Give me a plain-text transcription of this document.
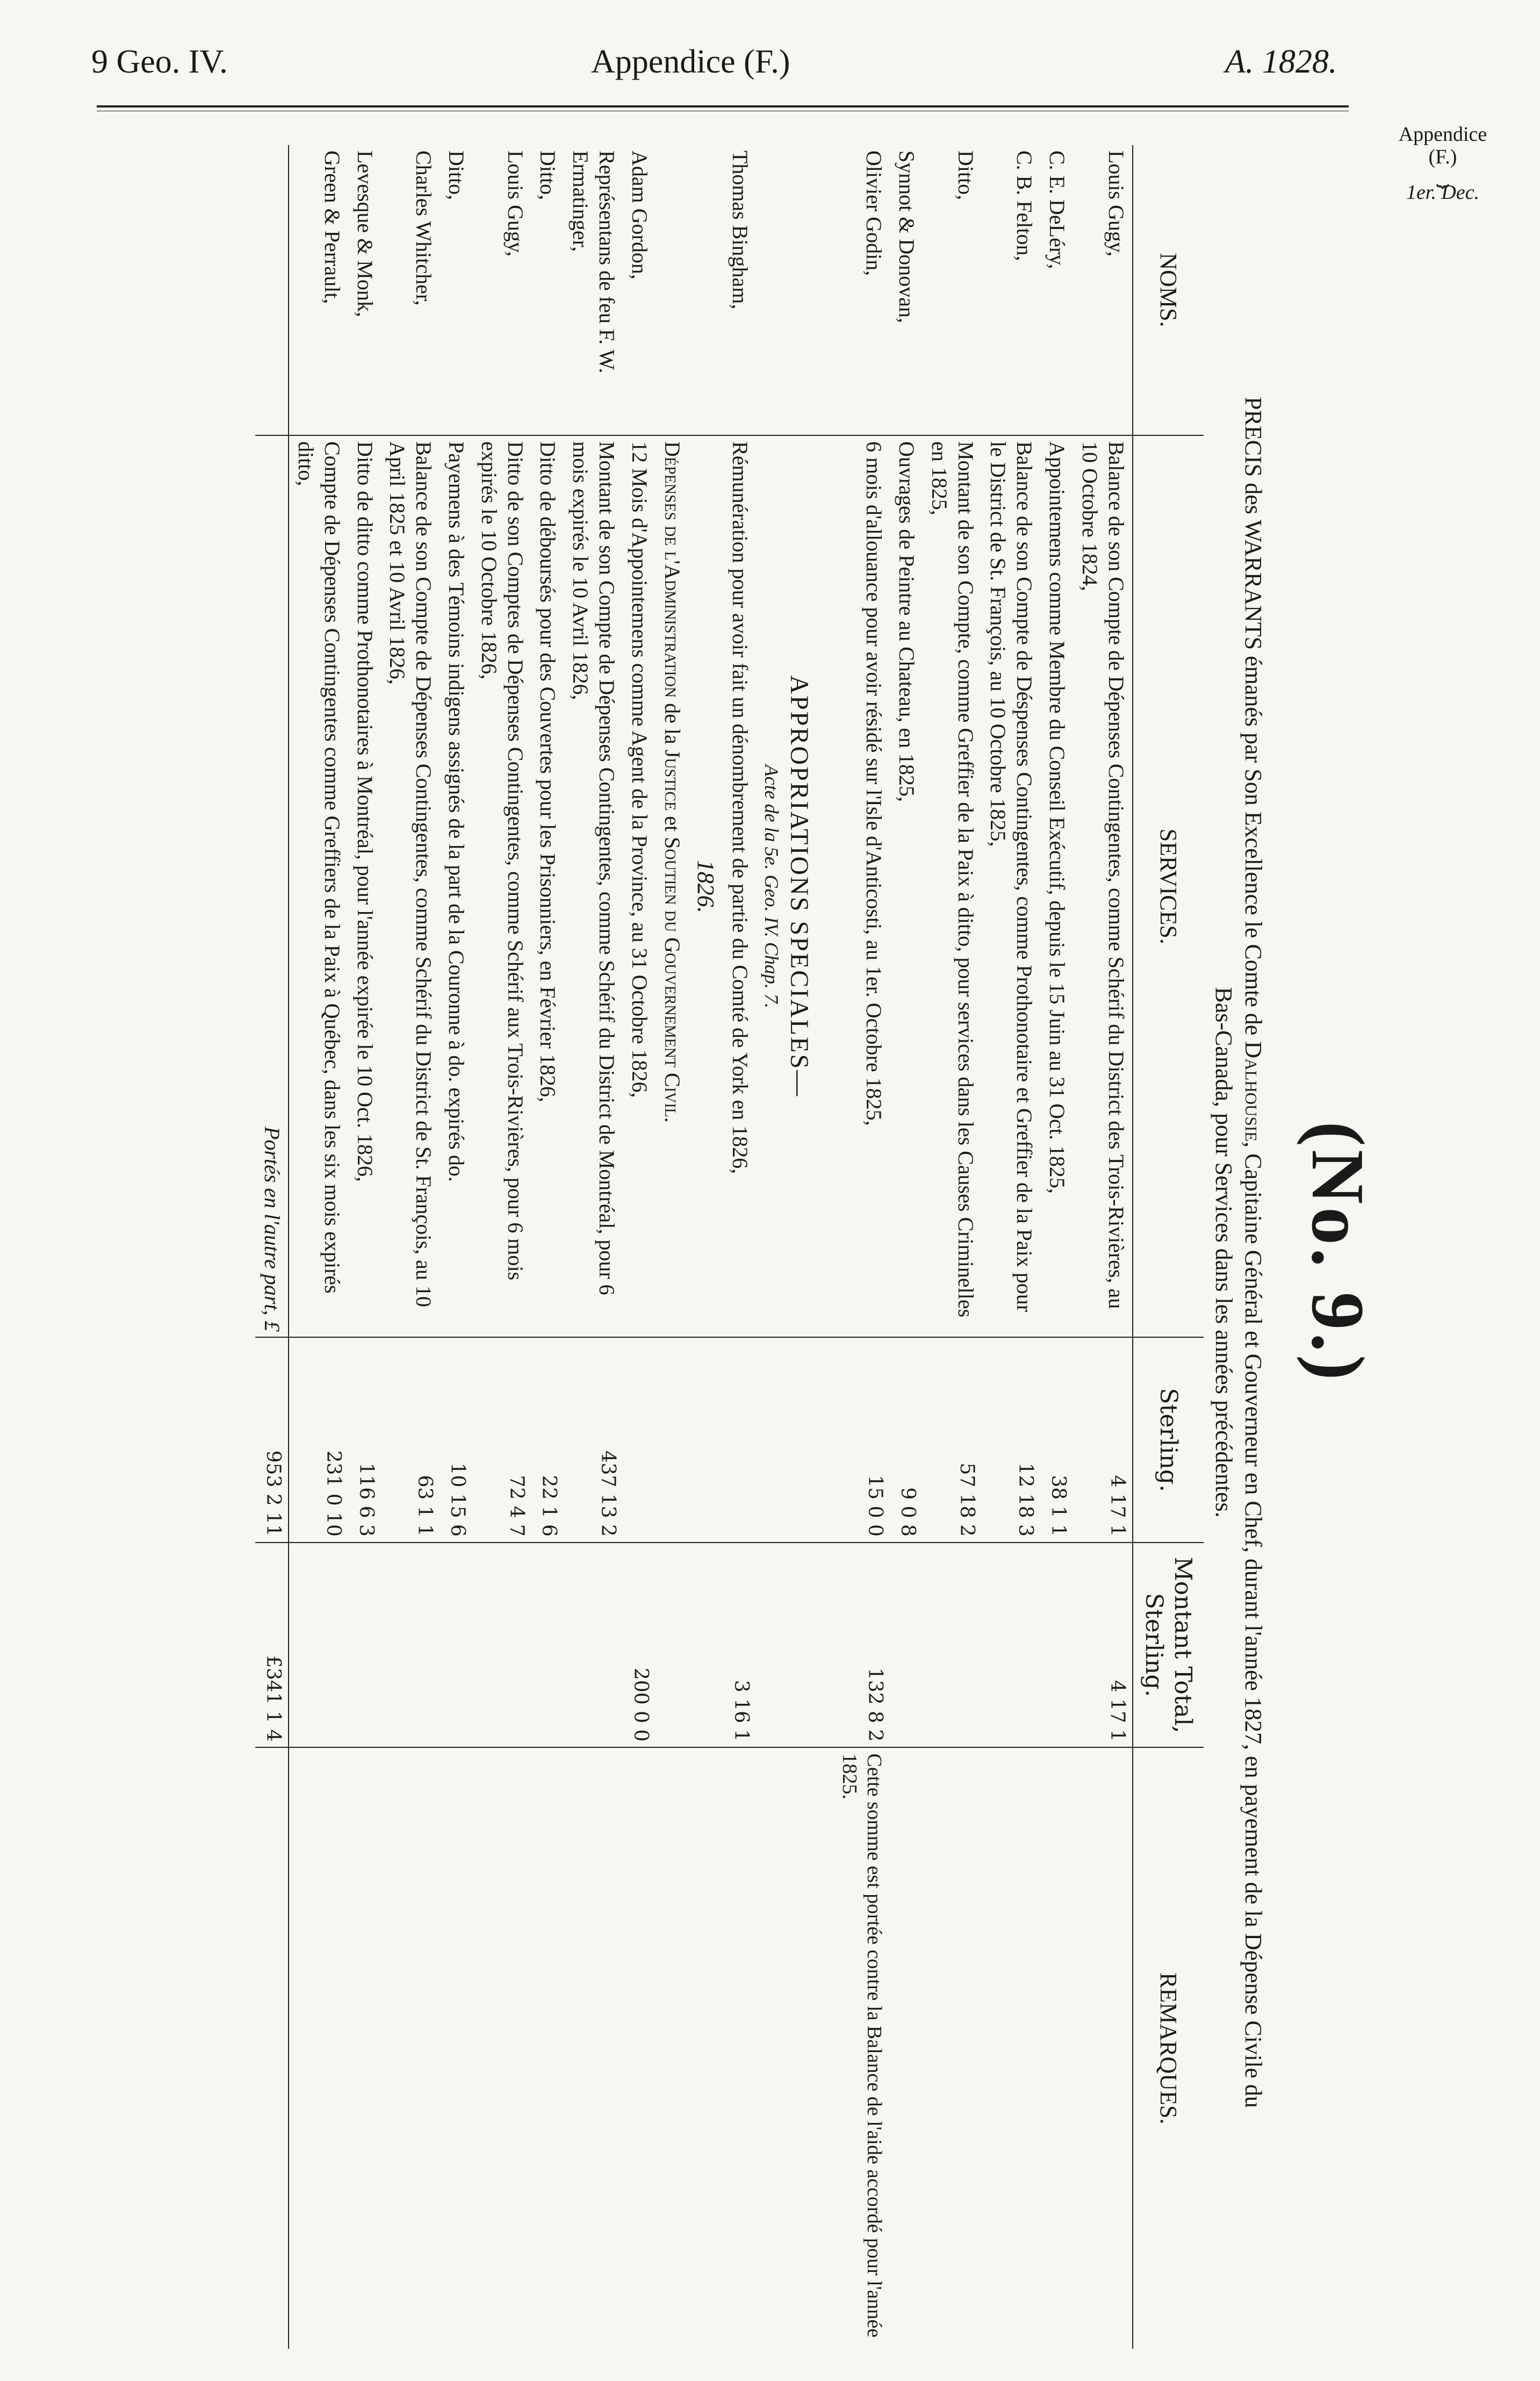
9 Geo. IV.	Appendice (F.)	A. 1828.
Appendice
(F.)
⏟
1er. Dec.
(No. 9.)
PRECIS des WARRANTS émanés par Son Excellence le Comte de Dalhousie, Capitaine Général et Gouverneur en Chef, durant l'année 1827, en payement de la Dépense Civile du
Bas-Canada, pour Services dans les années précédentes.
NOMS.	SERVICES.	Sterling.	Montant Total, Sterling.	REMARQUES.
Louis Gugy,	Balance de son Compte de Dépenses Contingentes, comme Schérif du District des Trois-Rivières, au 10 Octobre 1824,	4 17 1	4 17 1	
C. E. DeLéry,	Appointemens comme Membre du Conseil Exécutif, depuis le 15 Juin au 31 Oct. 1825,	38 1 1		
C. B. Felton,	Balance de son Compte de Déspenses Contingentes, comme Prothonotaire et Greffier de la Paix pour le District de St. François, au 10 Octobre 1825,	12 18 3		
Ditto,	Montant de son Compte, comme Greffier de la Paix à ditto, pour services dans les Causes Criminelles en 1825,	57 18 2		
Synnot & Donovan,	Ouvrages de Peintre au Chateau, en 1825,	9 0 8		
Olivier Godin,	6 mois d'allouance pour avoir résidé sur l'Isle d'Anticosti, au 1er. Octobre 1825,	15 0 0	132 8 2	Cette somme est portée contre la Balance de l'aide accordé pour l'année 1825.

	APPROPRIATIONS SPECIALES—
Acte de la 5e. Geo. IV. Chap. 7.			

Thomas Bingham,	Rémunération pour avoir fait un dénombrement de partie du Comté de York en 1826,		3 16 1	
	1826.			
	Dépenses de l'Administration de la Justice et Soutien du Gouvernement Civil.			
Adam Gordon,	12 Mois d'Appointemens comme Agent de la Province, au 31 Octobre 1826,		200 0 0	
Représentans de feu F. W. Ermatinger,	Montant de son Compte de Dépenses Contingentes, comme Schérif du District de Montréal, pour 6 mois expirés le 10 Avril 1826,	437 13 2		
Ditto,	Ditto de déboursés pour des Couvertes pour les Prisonniers, en Février 1826,	22 1 6		
Louis Gugy,	Ditto de son Comptes de Dépenses Contingentes, comme Schérif aux Trois-Rivières, pour 6 mois expirés le 10 Octobre 1826,	72 4 7		
Ditto,	Payemens à des Témoins indigens assignés de la part de la Couronne à do. expirés do.	10 15 6		
Charles Whitcher,	Balance de son Compte de Dépenses Contingentes, comme Schérif du District de St. François, au 10 April 1825 et 10 Avril 1826,	63 1 1		
Levesque & Monk,	Ditto de ditto comme Prothonotaires à Montréal, pour l'année expirée le 10 Oct. 1826,	116 6 3		
Green & Perrault,	Compte de Dépenses Contingentes comme Greffiers de la Paix à Québec, dans les six mois expirés ditto,	231 0 10		
	Portés en l'autre part, £	953 2 11	£341 1 4	
